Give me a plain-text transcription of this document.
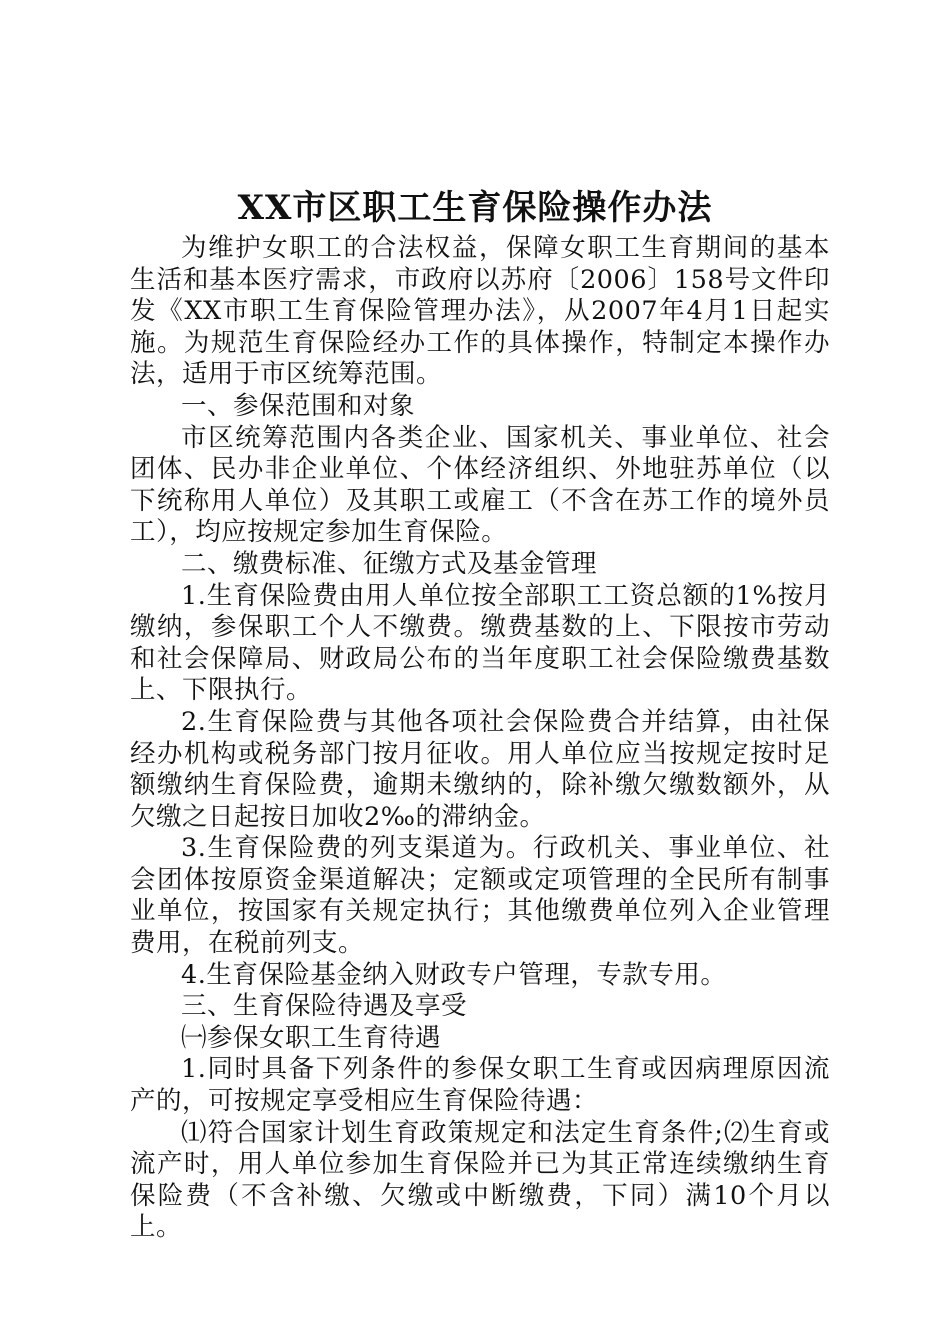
XX市区职工生育保险操作办法

为维护女职工的合法权益，保障女职工生育期间的基本生活和基本医疗需求，市政府以苏府〔2006〕158号文件印发《XX市职工生育保险管理办法》，从2007年4月1日起实施。为规范生育保险经办工作的具体操作，特制定本操作办法，适用于市区统筹范围。

一、参保范围和对象

市区统筹范围内各类企业、国家机关、事业单位、社会团体、民办非企业单位、个体经济组织、外地驻苏单位（以下统称用人单位）及其职工或雇工（不含在苏工作的境外员工），均应按规定参加生育保险。

二、缴费标准、征缴方式及基金管理

1.生育保险费由用人单位按全部职工工资总额的1%按月缴纳，参保职工个人不缴费。缴费基数的上、下限按市劳动和社会保障局、财政局公布的当年度职工社会保险缴费基数上、下限执行。

2.生育保险费与其他各项社会保险费合并结算，由社保经办机构或税务部门按月征收。用人单位应当按规定按时足额缴纳生育保险费，逾期未缴纳的，除补缴欠缴数额外，从欠缴之日起按日加收2‰的滞纳金。

3.生育保险费的列支渠道为。行政机关、事业单位、社会团体按原资金渠道解决；定额或定项管理的全民所有制事业单位，按国家有关规定执行；其他缴费单位列入企业管理费用，在税前列支。

4.生育保险基金纳入财政专户管理，专款专用。

三、生育保险待遇及享受

㈠参保女职工生育待遇

1.同时具备下列条件的参保女职工生育或因病理原因流产的，可按规定享受相应生育保险待遇：

⑴符合国家计划生育政策规定和法定生育条件;⑵生育或流产时，用人单位参加生育保险并已为其正常连续缴纳生育保险费（不含补缴、欠缴或中断缴费，下同）满10个月以上。
